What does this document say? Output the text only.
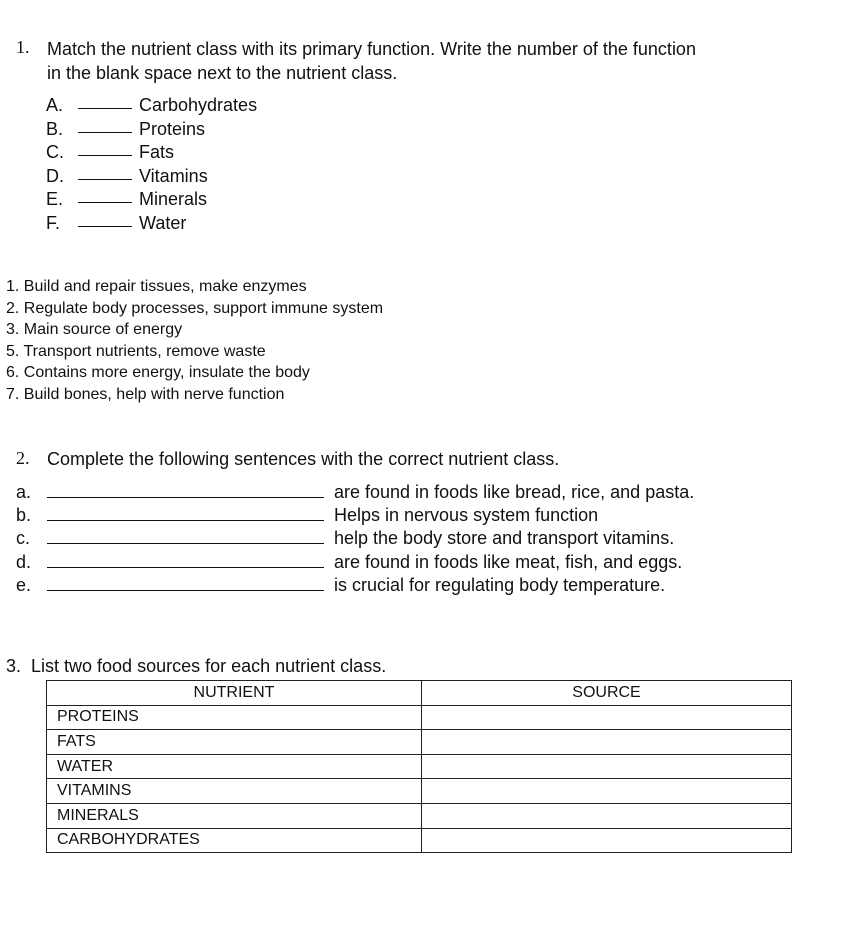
1. Match the nutrient class with its primary function. Write the number of the function
in the blank space next to the nutrient class.
A.	Carbohydrates
B.	Proteins
C.	Fats
D.	Vitamins
E.	Minerals
F.	Water
1. Build and repair tissues, make enzymes
2. Regulate body processes, support immune system
3. Main source of energy
5. Transport nutrients, remove waste
6. Contains more energy, insulate the body
7. Build bones, help with nerve function
2. Complete the following sentences with the correct nutrient class.
a.	are found in foods like bread, rice, and pasta.
b.	Helps in nervous system function
c.	help the body store and transport vitamins.
d.	are found in foods like meat, fish, and eggs.
e.	is crucial for regulating body temperature.
3.  List two food sources for each nutrient class.
NUTRIENT	SOURCE
PROTEINS	
FATS	
WATER	
VITAMINS	
MINERALS	
CARBOHYDRATES	
